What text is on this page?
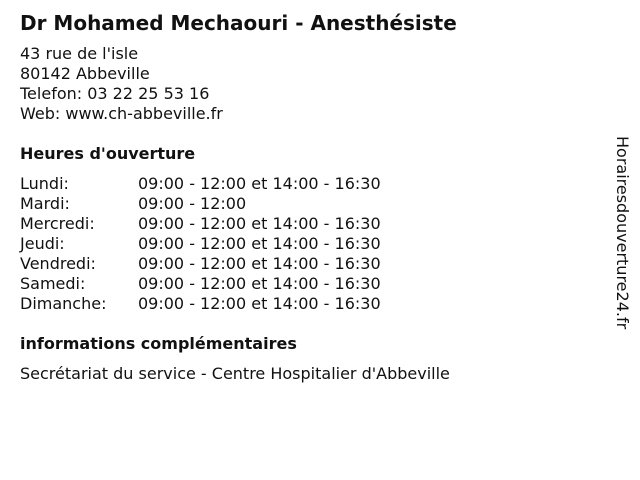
Dr Mohamed Mechaouri - Anesthésiste
43 rue de l'isle
80142 Abbeville
Telefon: 03 22 25 53 16
Web: www.ch-abbeville.fr
Heures d'ouverture
Lundi:	09:00 - 12:00 et 14:00 - 16:30
Mardi:	09:00 - 12:00
Mercredi:	09:00 - 12:00 et 14:00 - 16:30
Jeudi:	09:00 - 12:00 et 14:00 - 16:30
Vendredi:	09:00 - 12:00 et 14:00 - 16:30
Samedi:	09:00 - 12:00 et 14:00 - 16:30
Dimanche:	09:00 - 12:00 et 14:00 - 16:30
informations complémentaires
Secrétariat du service - Centre Hospitalier d'Abbeville
Horairesdouverture24.fr
